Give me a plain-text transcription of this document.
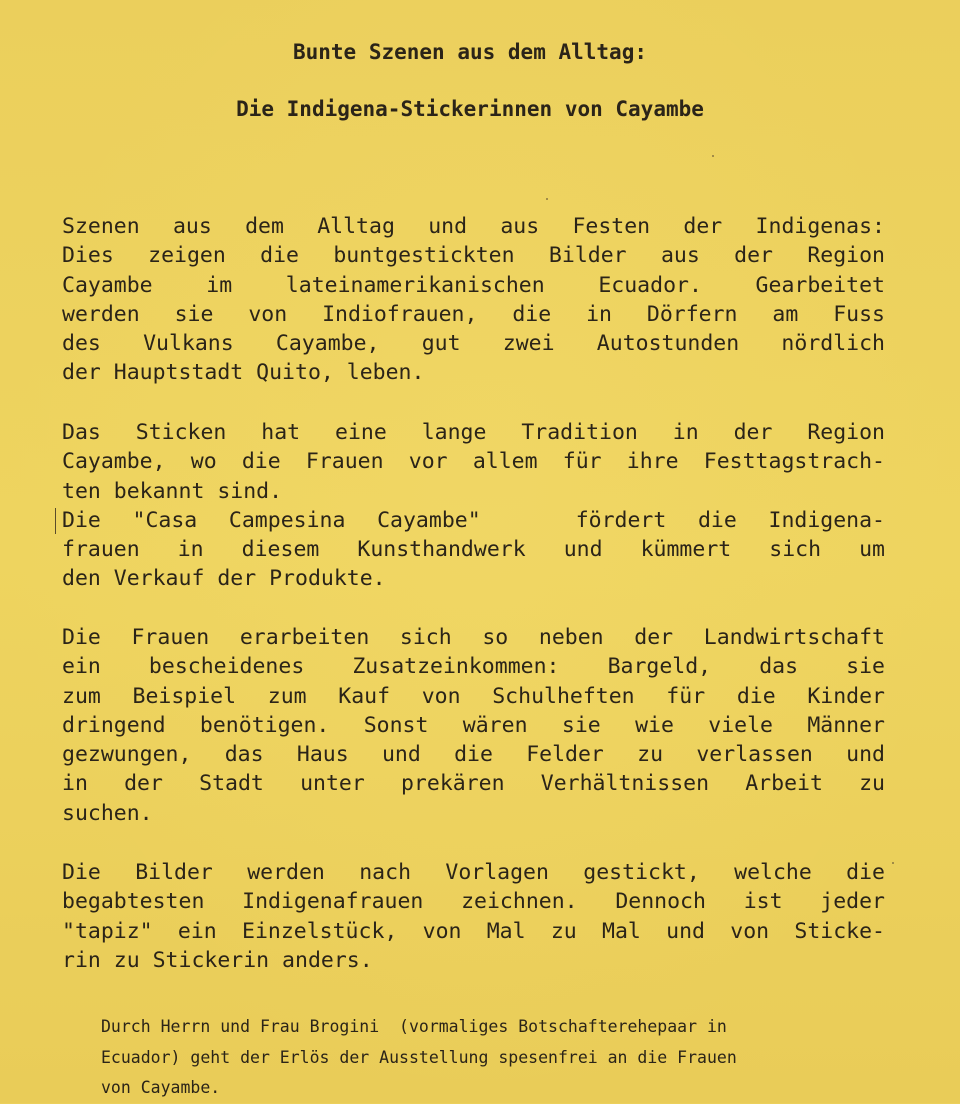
Bunte Szenen aus dem Alltag:
Die Indigena-Stickerinnen von Cayambe
Szenen aus dem Alltag und aus Festen der Indigenas:
Dies zeigen die buntgestickten Bilder aus der Region
Cayambe im lateinamerikanischen Ecuador. Gearbeitet
werden sie von Indiofrauen, die in Dörfern am Fuss
des Vulkans Cayambe, gut zwei Autostunden nördlich
der Hauptstadt Quito, leben.
Das Sticken hat eine lange Tradition in der Region
Cayambe, wo die Frauen vor allem für ihre Festtagstrach-
ten bekannt sind.
Die "Casa Campesina Cayambe"   fördert die Indigena-
frauen in diesem Kunsthandwerk und kümmert sich um
den Verkauf der Produkte.
Die Frauen erarbeiten sich so neben der Landwirtschaft
ein bescheidenes Zusatzeinkommen: Bargeld, das sie
zum Beispiel zum Kauf von Schulheften für die Kinder
dringend benötigen. Sonst wären sie wie viele Männer
gezwungen, das Haus und die Felder zu verlassen und
in der Stadt unter prekären Verhältnissen Arbeit zu
suchen.
Die Bilder werden nach Vorlagen gestickt, welche die
begabtesten Indigenafrauen zeichnen. Dennoch ist jeder
"tapiz" ein Einzelstück, von Mal zu Mal und von Sticke-
rin zu Stickerin anders.
Durch Herrn und Frau Brogini  (vormaliges Botschafterehepaar in
Ecuador) geht der Erlös der Ausstellung spesenfrei an die Frauen
von Cayambe.
